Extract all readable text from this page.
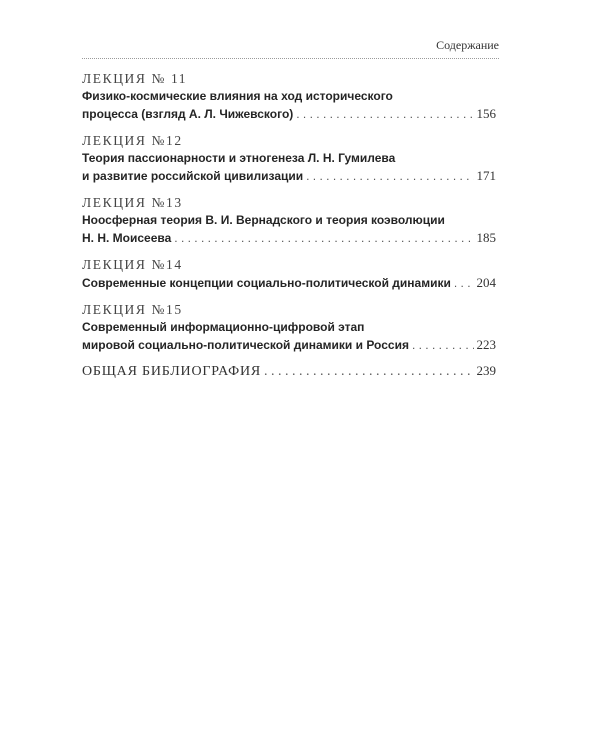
Содержание
ЛЕКЦИЯ № 11
Физико-космические влияния на ход исторического
процесса (взгляд А. Л. Чижевского) . . .	156
ЛЕКЦИЯ №12
Теория пассионарности и этногенеза Л. Н. Гумилева
и развитие российской цивилизации . . .	171
ЛЕКЦИЯ №13
Ноосферная теория В. И. Вернадского и теория коэволюции
Н. Н. Моисеева . . .	185
ЛЕКЦИЯ №14
Современные концепции социально-политической динамики . . . 204
ЛЕКЦИЯ №15
Современный информационно-цифровой этап
мировой социально-политической динамики и Россия . . .	223
ОБЩАЯ БИБЛИОГРАФИЯ . . .	239
